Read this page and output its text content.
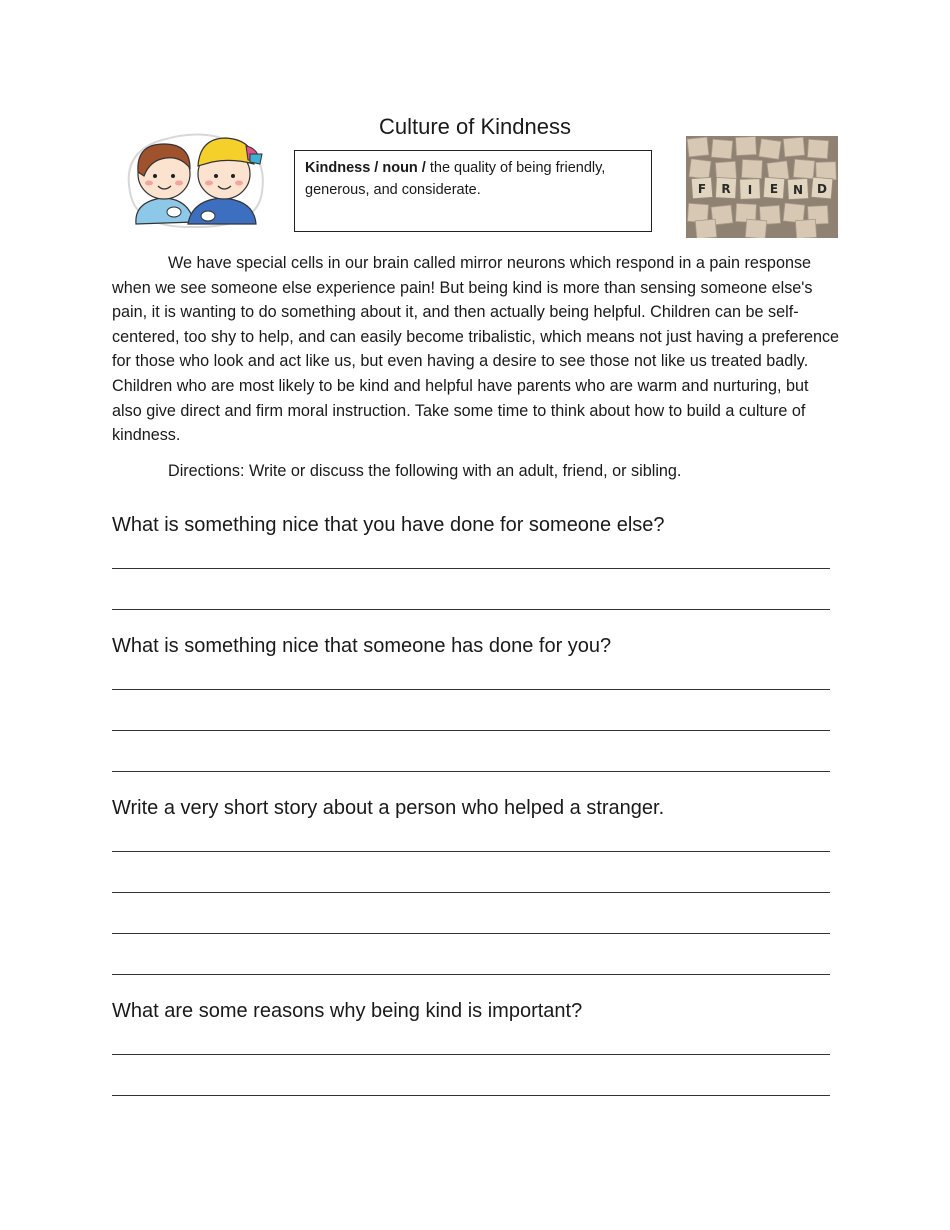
Culture of Kindness
Kindness / noun / the quality of being friendly, generous, and considerate.	F R I E N D
We have special cells in our brain called mirror neurons which respond in a pain response when we see someone else experience pain! But being kind is more than sensing someone else's pain, it is wanting to do something about it, and then actually being helpful. Children can be self-centered, too shy to help, and can easily become tribalistic, which means not just having a preference for those who look and act like us, but even having a desire to see those not like us treated badly. Children who are most likely to be kind and helpful have parents who are warm and nurturing, but also give direct and firm moral instruction. Take some time to think about how to build a culture of kindness.
Directions: Write or discuss the following with an adult, friend, or sibling.
What is something nice that you have done for someone else?
What is something nice that someone has done for you?
Write a very short story about a person who helped a stranger.
What are some reasons why being kind is important?
